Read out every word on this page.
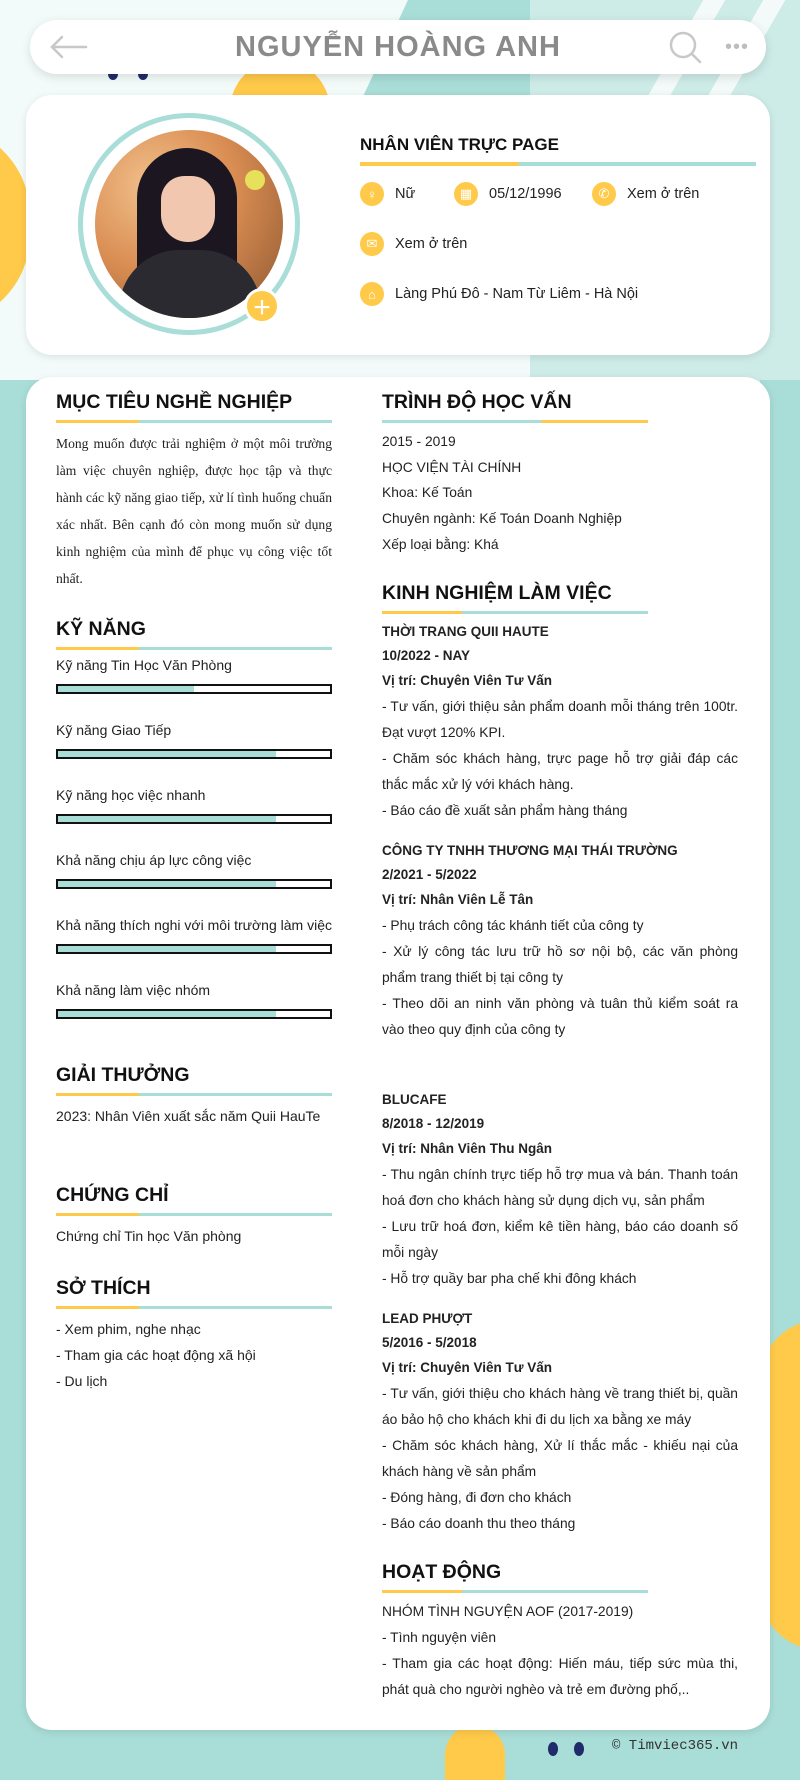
NGUYỄN HOÀNG ANH	•••
+
NHÂN VIÊN TRỰC PAGE
♀	Nữ	▦	05/12/1996	✆	Xem ở trên
✉	Xem ở trên
⌂	Làng Phú Đô - Nam Từ Liêm - Hà Nội
MỤC TIÊU NGHỀ NGHIỆP
Mong muốn được trải nghiệm ở một môi trường làm việc chuyên nghiệp, được học tập và thực hành các kỹ năng giao tiếp, xử lí tình huống chuẩn xác nhất. Bên cạnh đó còn mong muốn sử dụng kinh nghiệm của mình để phục vụ công việc tốt nhất.
KỸ NĂNG
Kỹ năng Tin Học Văn Phòng
Kỹ năng Giao Tiếp
Kỹ năng học việc nhanh
Khả năng chịu áp lực công việc
Khả năng thích nghi với môi trường làm việc
Khả năng làm việc nhóm
GIẢI THƯỞNG
2023: Nhân Viên xuất sắc năm Quii HauTe
CHỨNG CHỈ
Chứng chỉ Tin học Văn phòng
SỞ THÍCH
- Xem phim, nghe nhạc
- Tham gia các hoạt động xã hội
- Du lịch
TRÌNH ĐỘ HỌC VẤN
2015 - 2019
HỌC VIỆN TÀI CHÍNH
Khoa: Kế Toán
Chuyên ngành: Kế Toán Doanh Nghiệp
Xếp loại bằng: Khá
KINH NGHIỆM LÀM VIỆC
THỜI TRANG QUII HAUTE
10/2022 - NAY
Vị trí: Chuyên Viên Tư Vấn
- Tư vấn, giới thiệu sản phẩm doanh mỗi tháng trên 100tr. Đạt vượt 120% KPI.
- Chăm sóc khách hàng, trực page hỗ trợ giải đáp các thắc mắc xử lý với khách hàng.
- Báo cáo đề xuất sản phẩm hàng tháng
CÔNG TY TNHH THƯƠNG MẠI THÁI TRƯỜNG
2/2021 - 5/2022
Vị trí: Nhân Viên Lễ Tân
- Phụ trách công tác khánh tiết của công ty
- Xử lý công tác lưu trữ hồ sơ nội bộ, các văn phòng phẩm trang thiết bị tại công ty
- Theo dõi an ninh văn phòng và tuân thủ kiểm soát ra vào theo quy định của công ty
BLUCAFE
8/2018 - 12/2019
Vị trí: Nhân Viên Thu Ngân
- Thu ngân chính trực tiếp hỗ trợ mua và bán. Thanh toán hoá đơn cho khách hàng sử dụng dịch vụ, sản phẩm
- Lưu trữ hoá đơn, kiểm kê tiền hàng, báo cáo doanh số mỗi ngày
- Hỗ trợ quầy bar pha chế khi đông khách
LEAD PHƯỢT
5/2016 - 5/2018
Vị trí: Chuyên Viên Tư Vấn
- Tư vấn, giới thiệu cho khách hàng về trang thiết bị, quần áo bảo hộ cho khách khi đi du lịch xa bằng xe máy
- Chăm sóc khách hàng, Xử lí thắc mắc - khiếu nại của khách hàng về sản phẩm
- Đóng hàng, đi đơn cho khách
- Báo cáo doanh thu theo tháng
HOẠT ĐỘNG
NHÓM TÌNH NGUYỆN AOF (2017-2019)
- Tình nguyện viên
- Tham gia các hoạt động: Hiến máu, tiếp sức mùa thi, phát quà cho người nghèo và trẻ em đường phố,..
© Timviec365.vn
